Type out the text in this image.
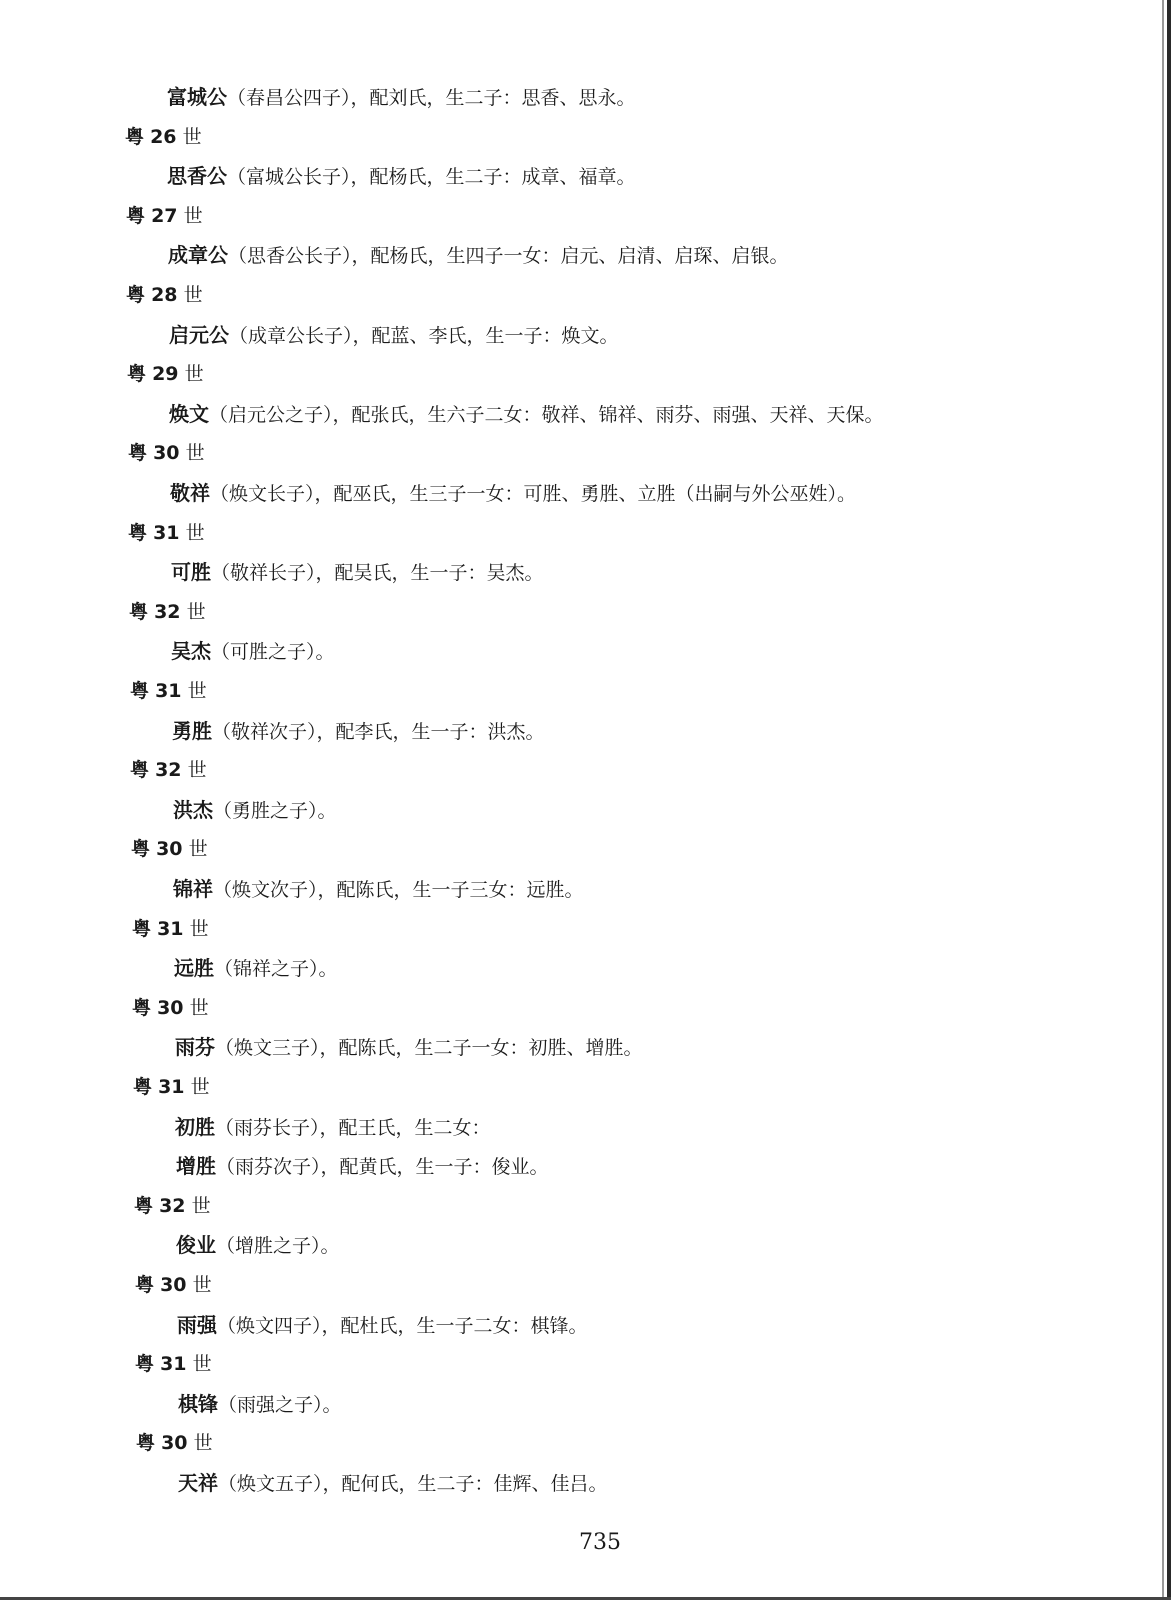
富城公（春昌公四子），配刘氏，生二子：思香、思永。
粤 26 世
思香公（富城公长子），配杨氏，生二子：成章、福章。
粤 27 世
成章公（思香公长子），配杨氏，生四子一女：启元、启清、启琛、启银。
粤 28 世
启元公（成章公长子），配蓝、李氏，生一子：焕文。
粤 29 世
焕文（启元公之子），配张氏，生六子二女：敬祥、锦祥、雨芬、雨强、天祥、天保。
粤 30 世
敬祥（焕文长子），配巫氏，生三子一女：可胜、勇胜、立胜（出嗣与外公巫姓）。
粤 31 世
可胜（敬祥长子），配吴氏，生一子：吴杰。
粤 32 世
吴杰（可胜之子）。
粤 31 世
勇胜（敬祥次子），配李氏，生一子：洪杰。
粤 32 世
洪杰（勇胜之子）。
粤 30 世
锦祥（焕文次子），配陈氏，生一子三女：远胜。
粤 31 世
远胜（锦祥之子）。
粤 30 世
雨芬（焕文三子），配陈氏，生二子一女：初胜、增胜。
粤 31 世
初胜（雨芬长子），配王氏，生二女：
增胜（雨芬次子），配黄氏，生一子：俊业。
粤 32 世
俊业（增胜之子）。
粤 30 世
雨强（焕文四子），配杜氏，生一子二女：棋锋。
粤 31 世
棋锋（雨强之子）。
粤 30 世
天祥（焕文五子），配何氏，生二子：佳辉、佳吕。
735
